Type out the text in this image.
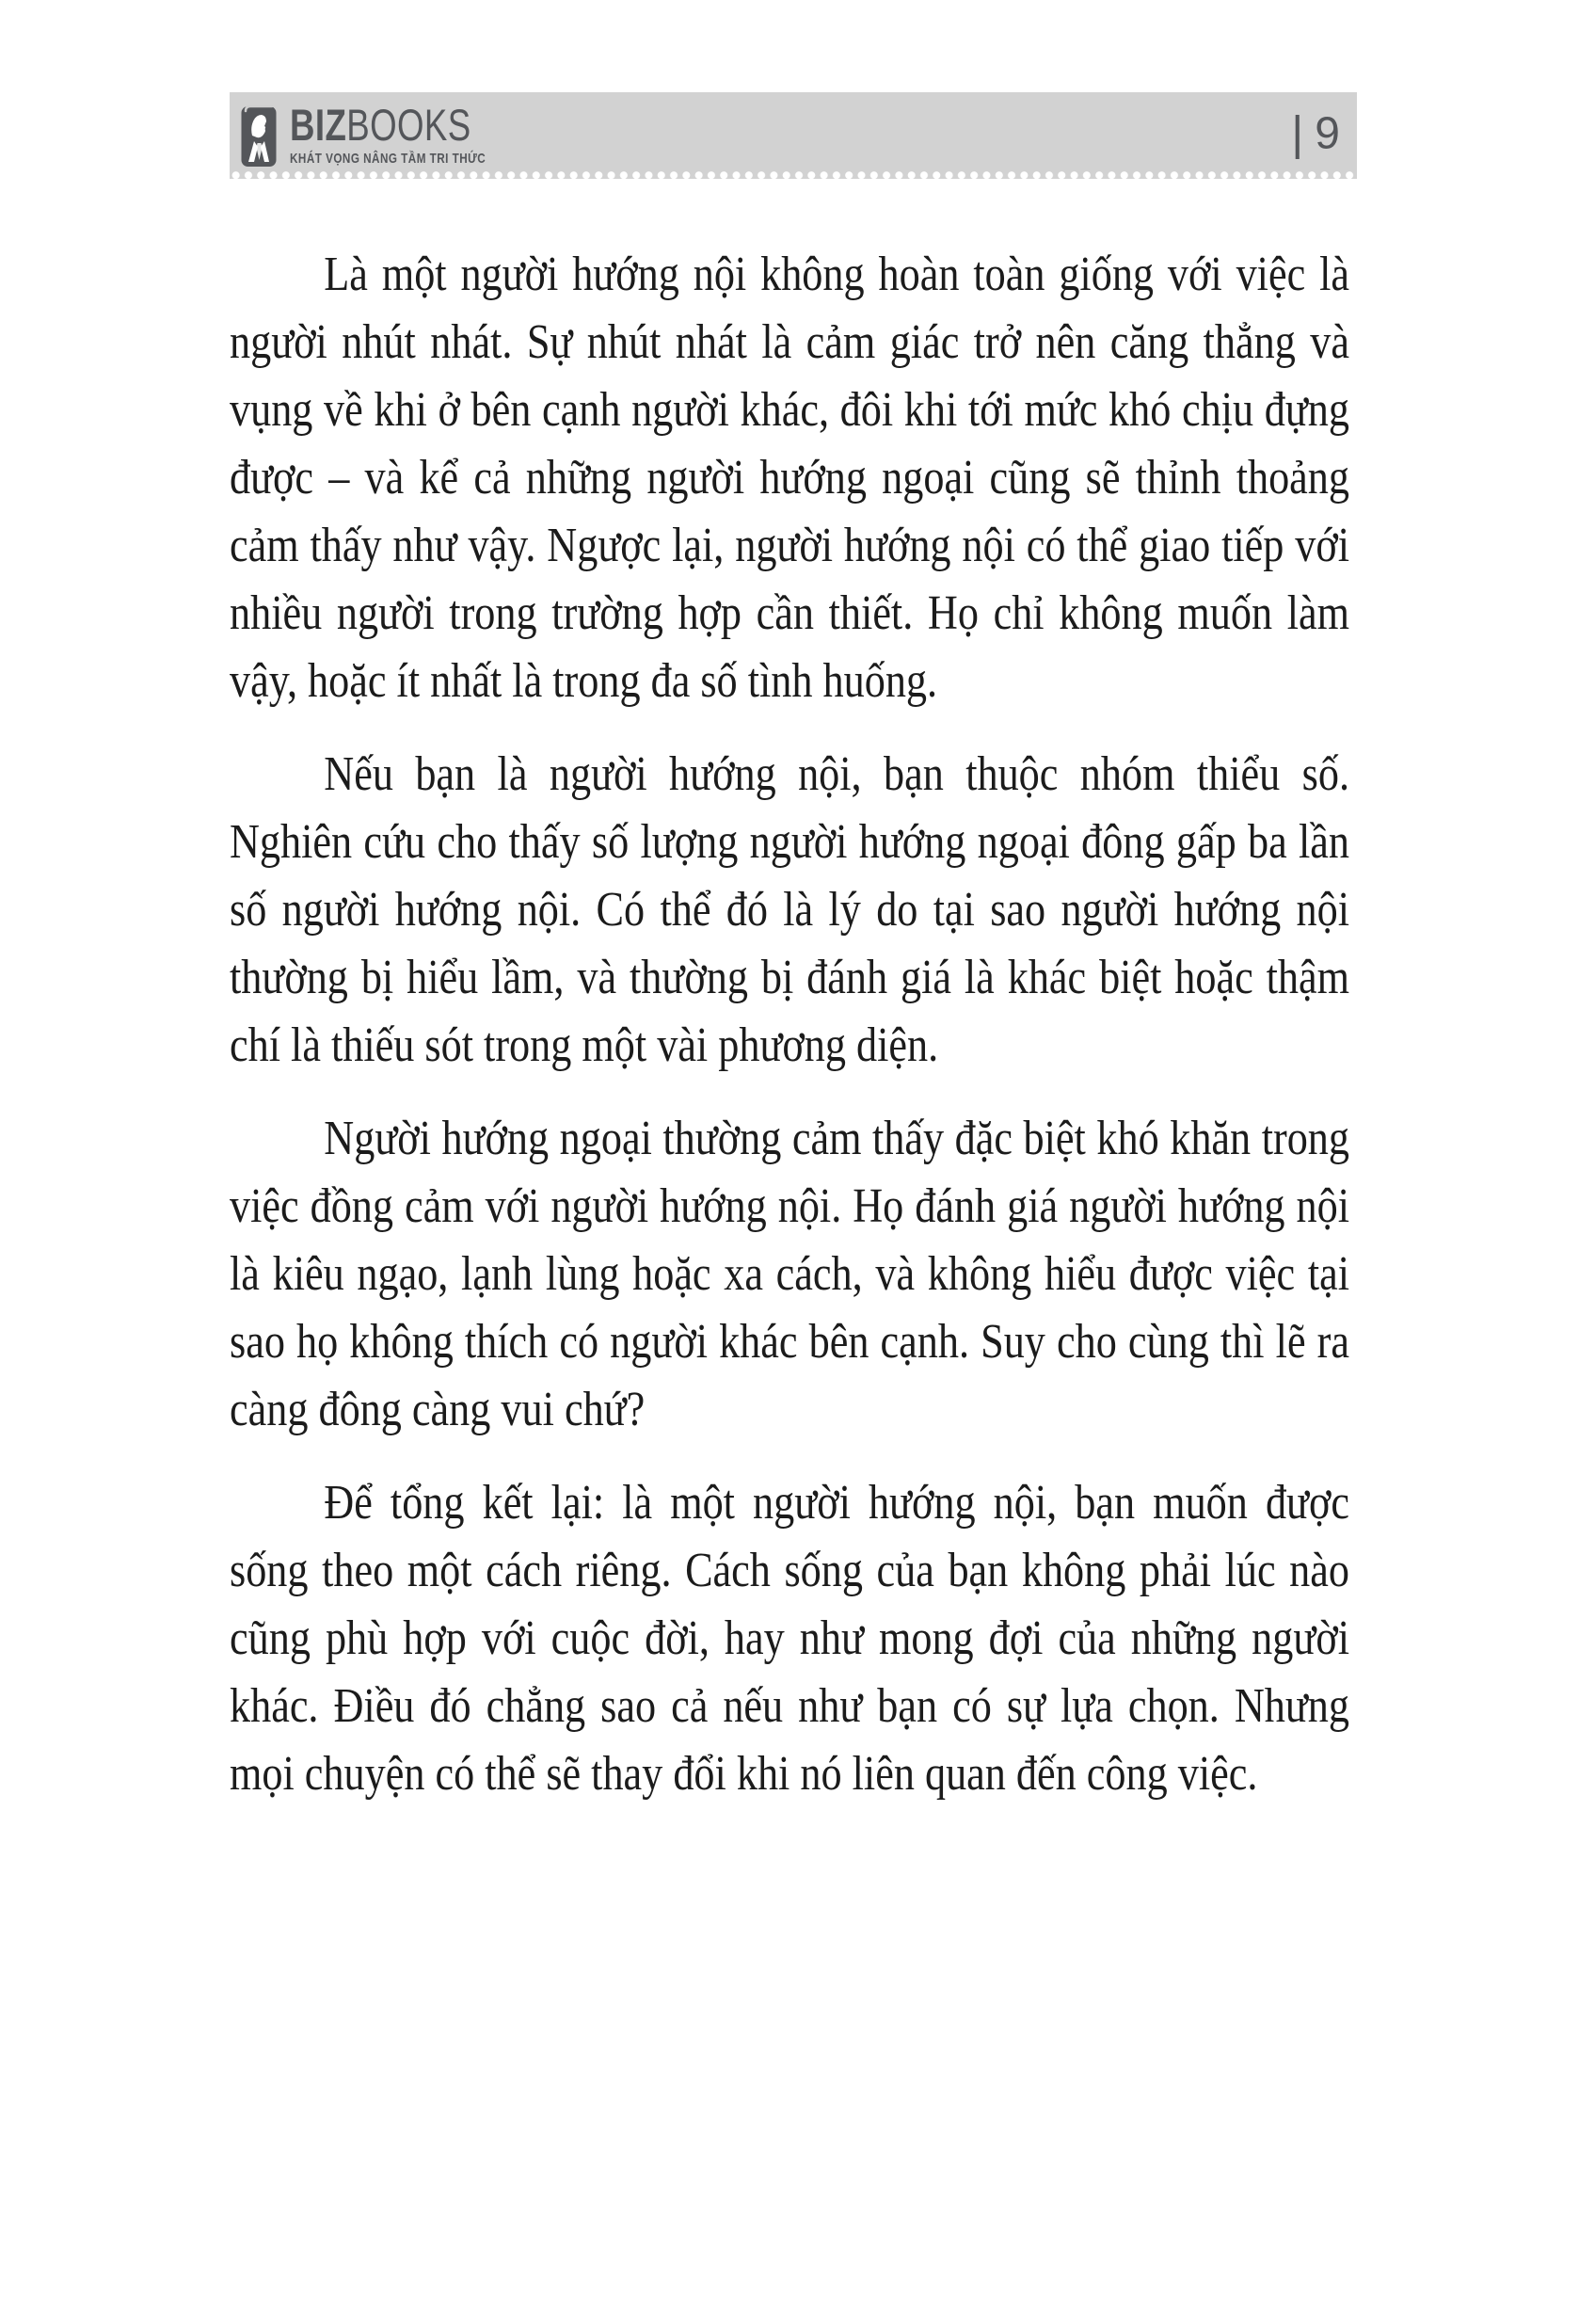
BIZBOOKS
KHÁT VỌNG NÂNG TẦM TRI THỨC	| 9

Là một người hướng nội không hoàn toàn giống với việc là người nhút nhát. Sự nhút nhát là cảm giác trở nên căng thẳng và vụng về khi ở bên cạnh người khác, đôi khi tới mức khó chịu đựng được – và kể cả những người hướng ngoại cũng sẽ thỉnh thoảng cảm thấy như vậy. Ngược lại, người hướng nội có thể giao tiếp với nhiều người trong trường hợp cần thiết. Họ chỉ không muốn làm vậy, hoặc ít nhất là trong đa số tình huống.

Nếu bạn là người hướng nội, bạn thuộc nhóm thiểu số. Nghiên cứu cho thấy số lượng người hướng ngoại đông gấp ba lần số người hướng nội. Có thể đó là lý do tại sao người hướng nội thường bị hiểu lầm, và thường bị đánh giá là khác biệt hoặc thậm chí là thiếu sót trong một vài phương diện.

Người hướng ngoại thường cảm thấy đặc biệt khó khăn trong việc đồng cảm với người hướng nội. Họ đánh giá người hướng nội là kiêu ngạo, lạnh lùng hoặc xa cách, và không hiểu được việc tại sao họ không thích có người khác bên cạnh. Suy cho cùng thì lẽ ra càng đông càng vui chứ?

Để tổng kết lại: là một người hướng nội, bạn muốn được sống theo một cách riêng. Cách sống của bạn không phải lúc nào cũng phù hợp với cuộc đời, hay như mong đợi của những người khác. Điều đó chẳng sao cả nếu như bạn có sự lựa chọn. Nhưng mọi chuyện có thể sẽ thay đổi khi nó liên quan đến công việc.
